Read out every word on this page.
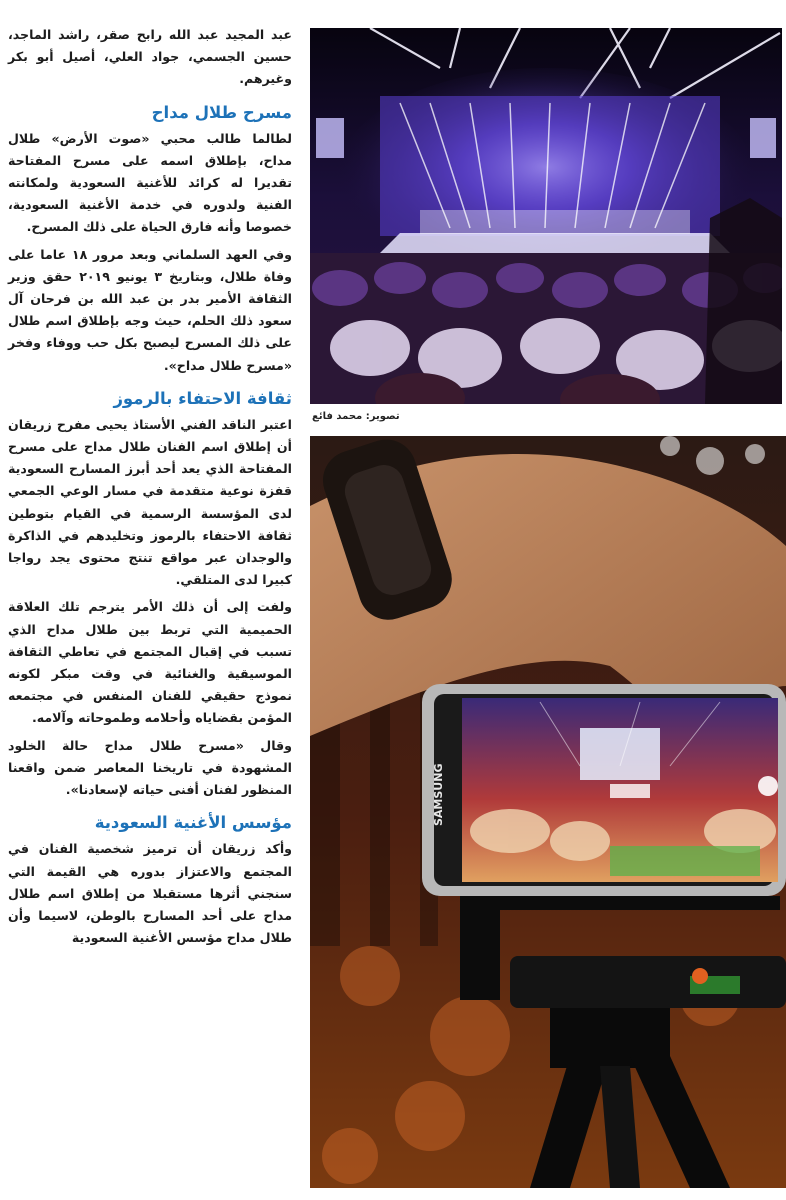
عبد المجيد عبد الله رابح صقر، راشد الماجد، حسين الجسمي، جواد العلي، أصيل أبو بكر وغيرهم.

مسرح طلال مداح

لطالما طالب محبي «صوت الأرض» طلال مداح، بإطلاق اسمه على مسرح المفتاحة تقديرا له كرائد للأغنية السعودية ولمكانته الفنية ولدوره في خدمة الأغنية السعودية، خصوصا وأنه فارق الحياة على ذلك المسرح.

وفي العهد السلماني وبعد مرور ١٨ عاما على وفاة طلال، وبتاريخ ٣ يونيو ٢٠١٩ حقق وزير الثقافة الأمير بدر بن عبد الله بن فرحان آل سعود ذلك الحلم، حيث وجه بإطلاق اسم طلال على ذلك المسرح ليصبح بكل حب ووفاء وفخر «مسرح طلال مداح».

ثقافة الاحتفاء بالرموز

اعتبر الناقد الفني الأستاذ يحيى مفرح زريقان أن إطلاق اسم الفنان طلال مداح على مسرح المفتاحة الذي يعد أحد أبرز المسارح السعودية قفزة نوعية متقدمة في مسار الوعي الجمعي لدى المؤسسة الرسمية في القيام بتوطين ثقافة الاحتفاء بالرموز وتخليدهم في الذاكرة والوجدان عبر مواقع تنتج محتوى يجد رواجا كبيرا لدى المتلقي.

ولفت إلى أن ذلك الأمر يترجم تلك العلاقة الحميمية التي تربط بين طلال مداح الذي تسبب في إقبال المجتمع في تعاطي الثقافة الموسيقية والغنائية في وقت مبكر لكونه نموذج حقيقي للفنان المنفس في مجتمعه المؤمن بقضاياه وأحلامه وطموحاته وآلامه.

وقال «مسرح طلال مداح حالة الخلود المشهودة في تاريخنا المعاصر ضمن واقعنا المنظور لفنان أفنى حياته لإسعادنا».

مؤسس الأغنية السعودية

وأكد زريقان أن ترميز شخصية الفنان في المجتمع والاعتزاز بدوره هي القيمة التي سنجني أثرها مستقبلا من إطلاق اسم طلال مداح على أحد المسارح بالوطن، لاسيما وأن طلال مداح مؤسس الأغنية السعودية

تصوير: محمد فائع
SAMSUNG
